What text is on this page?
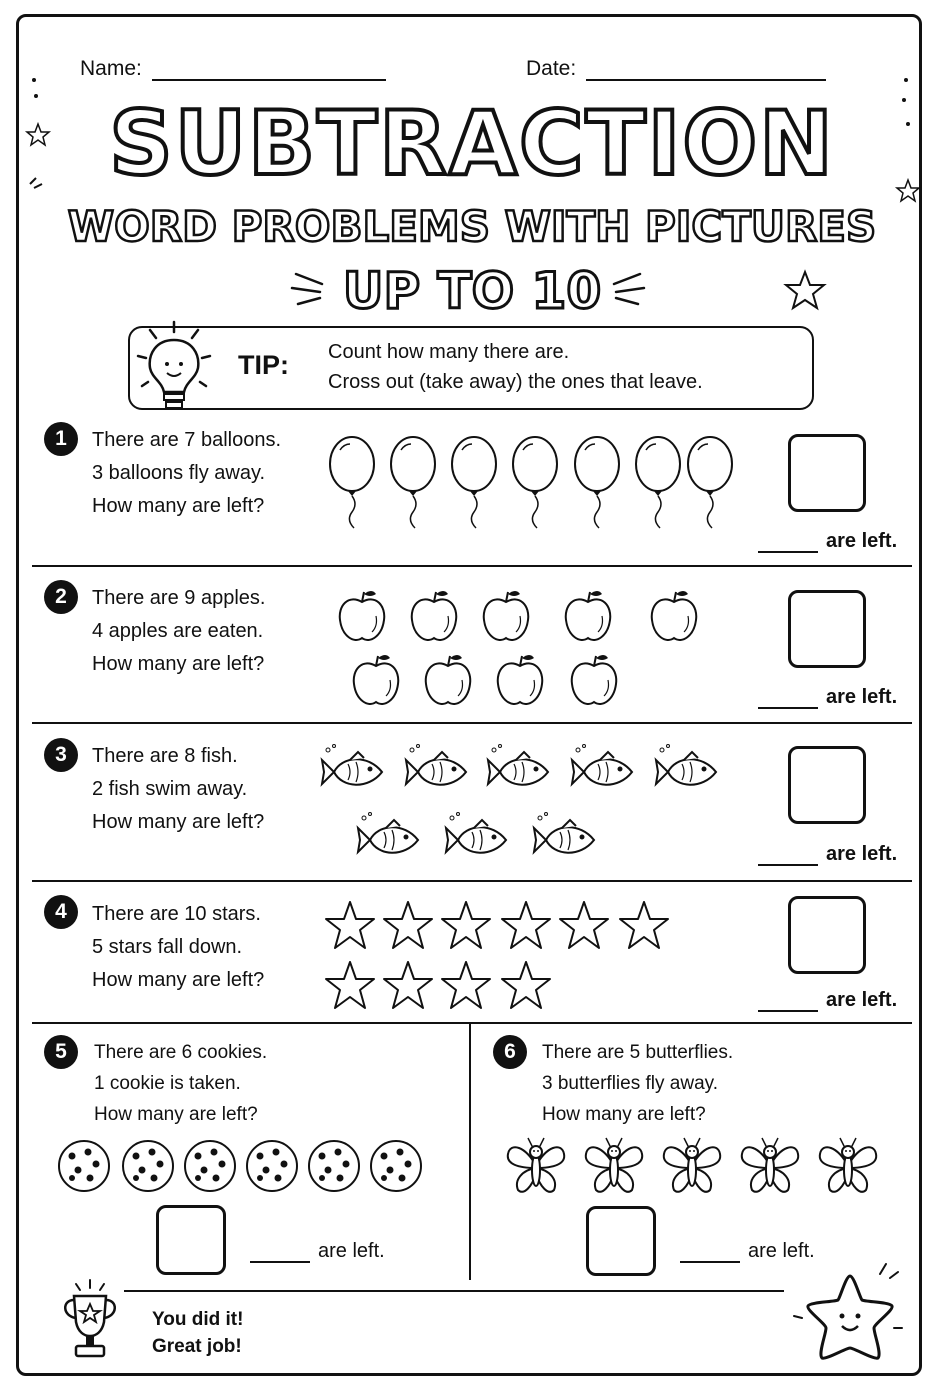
Name:	Date:
SUBTRACTION
WORD PROBLEMS WITH PICTURES
UP TO 10
TIP: Count how many there are.
Cross out (take away) the ones that leave.
1	There are 7 balloons.
3 balloons fly away.
How many are left?
are left.
2	There are 9 apples.
4 apples are eaten.
How many are left?
are left.
3	There are 8 fish.
2 fish swim away.
How many are left?
are left.
4	There are 10 stars.
5 stars fall down.
How many are left?
are left.
5	There are 6 cookies.
1 cookie is taken.
How many are left?
are left.
6	There are 5 butterflies.
3 butterflies fly away.
How many are left?
are left.
You did it!
Great job!
